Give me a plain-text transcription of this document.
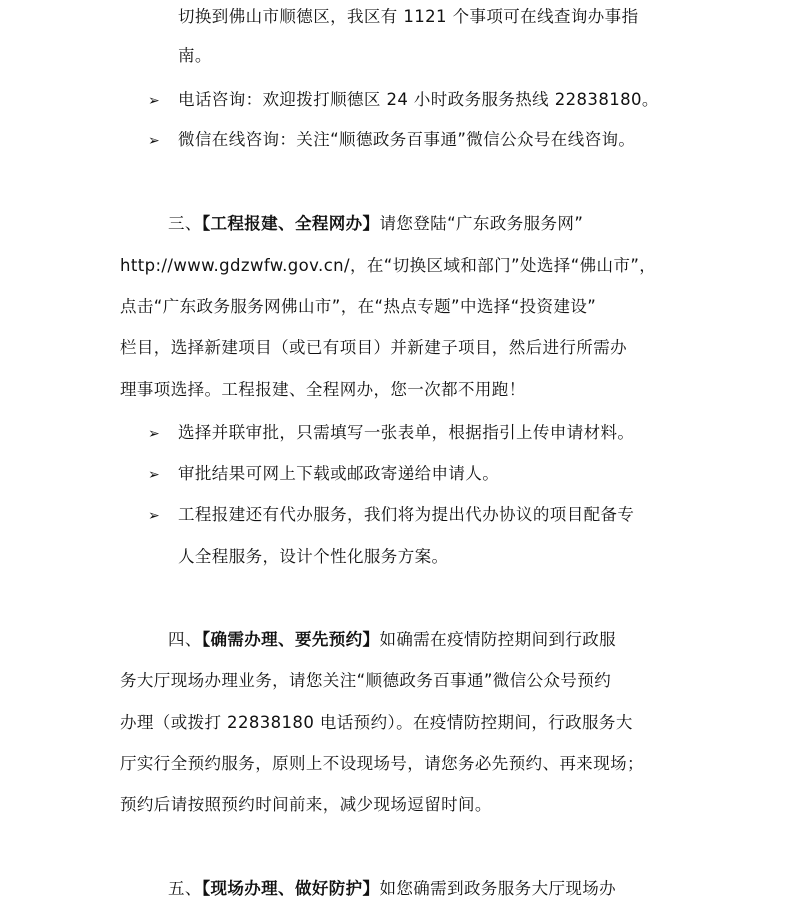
切换到佛山市顺德区，我区有 1121 个事项可在线查询办事指
南。
➢ 电话咨询：欢迎拨打顺德区 24 小时政务服务热线 22838180。
➢ 微信在线咨询：关注“顺德政务百事通”微信公众号在线咨询。
三、【工程报建、全程网办】请您登陆“广东政务服务网”
http://www.gdzwfw.gov.cn/，在“切换区域和部门”处选择“佛山市”，
点击“广东政务服务网佛山市”，在“热点专题”中选择“投资建设”
栏目，选择新建项目（或已有项目）并新建子项目，然后进行所需办
理事项选择。工程报建、全程网办，您一次都不用跑！
➢ 选择并联审批，只需填写一张表单，根据指引上传申请材料。
➢ 审批结果可网上下载或邮政寄递给申请人。
➢ 工程报建还有代办服务，我们将为提出代办协议的项目配备专
人全程服务，设计个性化服务方案。
四、【确需办理、要先预约】如确需在疫情防控期间到行政服
务大厅现场办理业务，请您关注“顺德政务百事通”微信公众号预约
办理（或拨打 22838180 电话预约）。在疫情防控期间，行政服务大
厅实行全预约服务，原则上不设现场号，请您务必先预约、再来现场；
预约后请按照预约时间前来，减少现场逗留时间。
五、【现场办理、做好防护】如您确需到政务服务大厅现场办
